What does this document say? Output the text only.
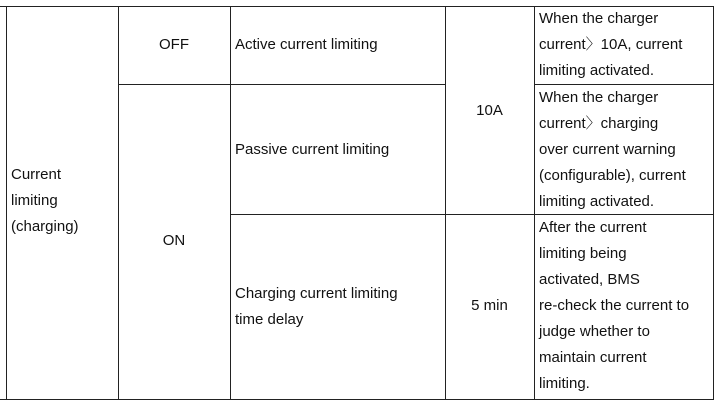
Current
limiting
(charging)
OFF
ON
Active current limiting
Passive current limiting
Charging current limiting
time delay
10A
5 min
When the charger
current〉10A, current
limiting activated.
When the charger
current〉charging
over current warning
(configurable), current
limiting activated.
After the current
limiting being
activated, BMS
re-check the current to
judge whether to
maintain current
limiting.
